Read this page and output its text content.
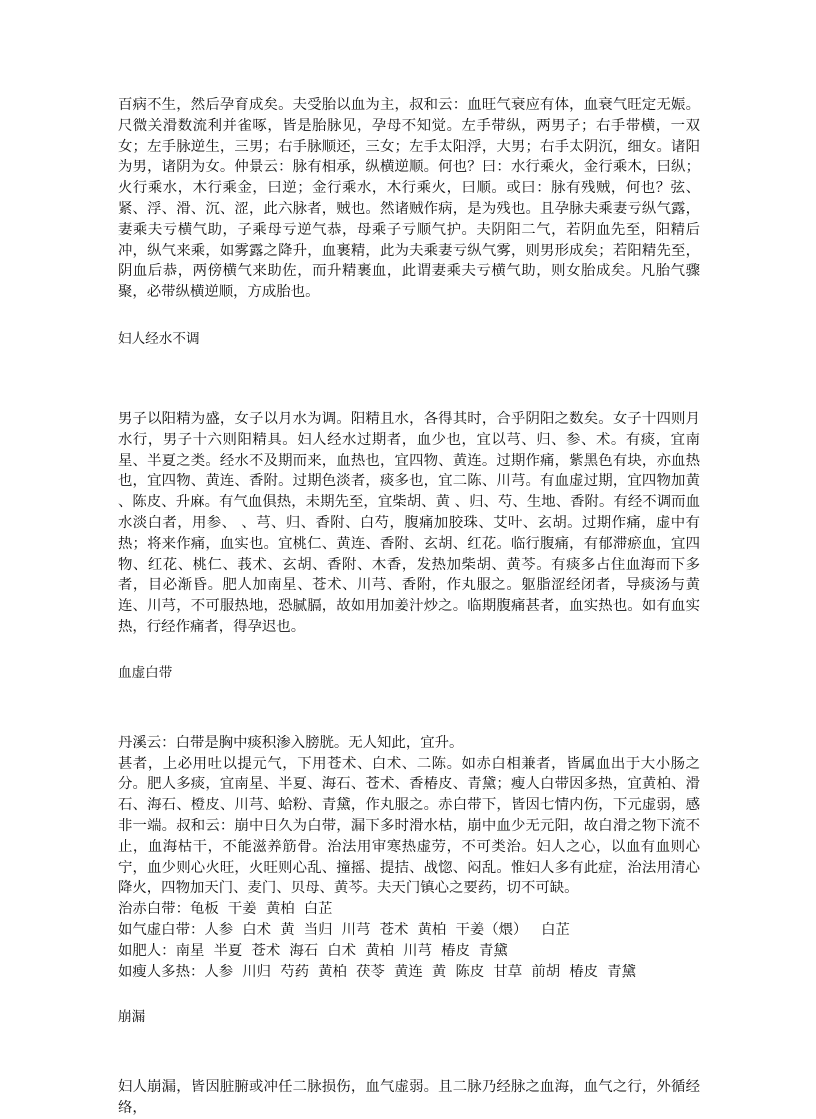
百病不生，然后孕育成矣。夫受胎以血为主，叔和云：血旺气衰应有体，血衰气旺定无娠。尺微关滑数流利并雀啄，皆是胎脉见，孕母不知觉。左手带纵，两男子；右手带横，一双女；左手脉逆生，三男；右手脉顺还，三女；左手太阳浮，大男；右手太阴沉，细女。诸阳为男，诸阴为女。仲景云：脉有相承，纵横逆顺。何也？曰：水行乘火，金行乘木，曰纵；火行乘水，木行乘金，曰逆；金行乘水，木行乘火，曰顺。或曰：脉有残贼，何也？弦、紧、浮、滑、沉、涩，此六脉者，贼也。然诸贼作病，是为残也。且孕脉夫乘妻亏纵气露，妻乘夫亏横气助，子乘母亏逆气恭，母乘子亏顺气护。夫阴阳二气，若阴血先至，阳精后冲，纵气来乘，如雾露之降升，血裹精，此为夫乘妻亏纵气雾，则男形成矣；若阳精先至，阴血后恭，两傍横气来助佐，而升精裹血，此谓妻乘夫亏横气助，则女胎成矣。凡胎气骤聚，必带纵横逆顺，方成胎也。

妇人经水不调

男子以阳精为盛，女子以月水为调。阳精且水，各得其时，合乎阴阳之数矣。女子十四则月水行，男子十六则阳精具。妇人经水过期者，血少也，宜以芎、归、参、术。有痰，宜南星、半夏之类。经水不及期而来，血热也，宜四物、黄连。过期作痛，紫黑色有块，亦血热也，宜四物、黄连、香附。过期色淡者，痰多也，宜二陈、川芎。有血虚过期，宜四物加黄 、陈皮、升麻。有气血俱热，未期先至，宜柴胡、黄 、归、芍、生地、香附。有经不调而血水淡白者，用参、 、芎、归、香附、白芍，腹痛加胶珠、艾叶、玄胡。过期作痛，虚中有热；将来作痛，血实也。宜桃仁、黄连、香附、玄胡、红花。临行腹痛，有郁滞瘀血，宜四物、红花、桃仁、莪术、玄胡、香附、木香，发热加柴胡、黄芩。有痰多占住血海而下多者，目必渐昏。肥人加南星、苍术、川芎、香附，作丸服之。躯脂涩经闭者，导痰汤与黄连、川芎，不可服热地，恐腻膈，故如用加姜汁炒之。临期腹痛甚者，血实热也。如有血实热，行经作痛者，得孕迟也。

血虚白带

丹溪云：白带是胸中痰积渗入膀胱。无人知此，宜升。

甚者，上必用吐以提元气，下用苍术、白术、二陈。如赤白相兼者，皆属血出于大小肠之分。肥人多痰，宜南星、半夏、海石、苍术、香椿皮、青黛；瘦人白带因多热，宜黄柏、滑石、海石、橙皮、川芎、蛤粉、青黛，作丸服之。赤白带下，皆因七情内伤，下元虚弱，感非一端。叔和云：崩中日久为白带，漏下多时滑水枯，崩中血少无元阳，故白滑之物下流不止，血海枯干，不能滋养筋骨。治法用审寒热虚劳，不可类治。妇人之心，以血有血则心宁，血少则心火旺，火旺则心乱、撞摇、提拮、战惚、闷乱。惟妇人多有此症，治法用清心降火，四物加天门、麦门、贝母、黄芩。夫天门镇心之要药，切不可缺。

治赤白带：龟板  干姜  黄柏  白芷

如气虚白带：人参  白术  黄  当归  川芎  苍术  黄柏  干姜（煨）   白芷

如肥人：南星  半夏  苍术  海石  白术  黄柏  川芎  椿皮  青黛

如瘦人多热：人参  川归  芍药  黄柏  茯苓  黄连  黄  陈皮  甘草  前胡  椿皮  青黛

崩漏

妇人崩漏，皆因脏腑或冲任二脉损伤，血气虚弱。且二脉乃经脉之血海，血气之行，外循经络，
